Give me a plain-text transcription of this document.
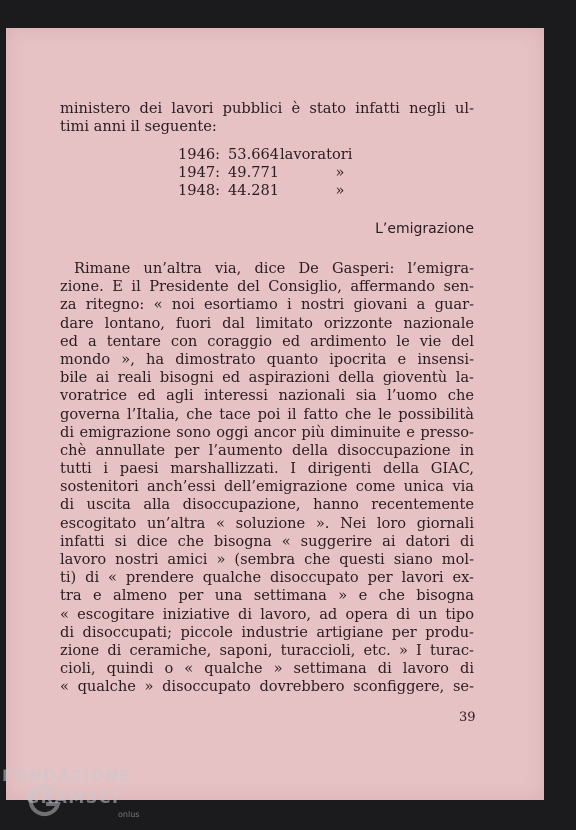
ministero dei lavori pubblici è stato infatti negli ul-
timi anni il seguente:
1946: 53.664 lavoratori
1947: 49.771	»
1948: 44.281	»
L’emigrazione
Rimane un’altra via, dice De Gasperi: l’emigra-
zione. E il Presidente del Consiglio, affermando sen-
za ritegno: « noi esortiamo i nostri giovani a guar-
dare lontano, fuori dal limitato orizzonte nazionale
ed a tentare con coraggio ed ardimento le vie del
mondo », ha dimostrato quanto ipocrita e insensi-
bile ai reali bisogni ed aspirazioni della gioventù la-
voratrice ed agli interessi nazionali sia l’uomo che
governa l’Italia, che tace poi il fatto che le possibilità
di emigrazione sono oggi ancor più diminuite e presso-
chè annullate per l’aumento della disoccupazione in
tutti i paesi marshallizzati. I dirigenti della GIAC,
sostenitori anch’essi dell’emigrazione come unica via
di uscita alla disoccupazione, hanno recentemente
escogitato un’altra « soluzione ». Nei loro giornali
infatti si dice che bisogna « suggerire ai datori di
lavoro nostri amici » (sembra che questi siano mol-
ti) di « prendere qualche disoccupato per lavori ex-
tra e almeno per una settimana » e che bisogna
« escogitare iniziative di lavoro, ad opera di un tipo
di disoccupati; piccole industrie artigiane per produ-
zione di ceramiche, saponi, turaccioli, etc. » I turac-
cioli, quindi o « qualche » settimana di lavoro di
« qualche » disoccupato dovrebbero sconfiggere, se-
39
FONDAZIONE
GRAMSCI
onlus
